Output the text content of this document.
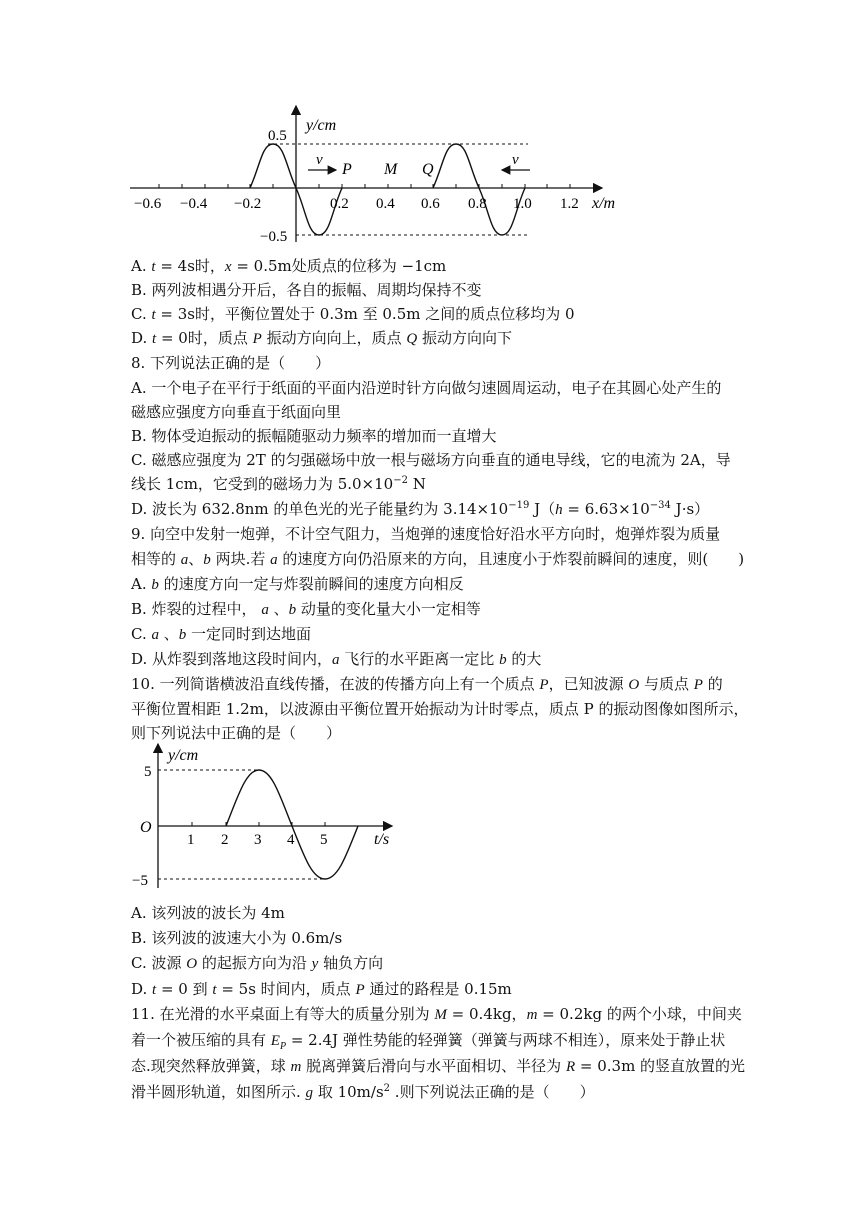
y/cm
x/m
0.5
−0.5
−0.6 −0.4 −0.2	0.2 0.4 0.6 0.8 1.0 1.2
v
P M Q
v
A. t = 4s时，x = 0.5m处质点的位移为 −1cm
B. 两列波相遇分开后，各自的振幅、周期均保持不变
C. t = 3s时，平衡位置处于 0.3m 至 0.5m 之间的质点位移均为 0
D. t = 0时，质点 P 振动方向向上，质点 Q 振动方向向下
8. 下列说法正确的是（　　）
A. 一个电子在平行于纸面的平面内沿逆时针方向做匀速圆周运动，电子在其圆心处产生的
磁感应强度方向垂直于纸面向里
B. 物体受迫振动的振幅随驱动力频率的增加而一直增大
C. 磁感应强度为 2T 的匀强磁场中放一根与磁场方向垂直的通电导线，它的电流为 2A，导
线长 1cm，它受到的磁场力为 $5.0\times 10^{-2}$ N
D. 波长为 632.8nm 的单色光的光子能量约为 $3.14\times 10^{-19}$ $J(h = 6.63\times 10^{-34}$ J·s）
9. 向空中发射一炮弹，不计空气阻力，当炮弹的速度恰好沿水平方向时，炮弹炸裂为质量
相等的 a、b 两块.若 a 的速度方向仍沿原来的方向，且速度小于炸裂前瞬间的速度，则(　　)
A. b 的速度方向一定与炸裂前瞬间的速度方向相反
B. 炸裂的过程中， a 、b 动量的变化量大小一定相等
C. a 、b 一定同时到达地面
D. 从炸裂到落地这段时间内，a 飞行的水平距离一定比 b 的大
10. 一列简谐横波沿直线传播，在波的传播方向上有一个质点 P，已知波源 O 与质点 P 的
平衡位置相距 1.2m，以波源由平衡位置开始振动为计时零点，质点 P 的振动图像如图所示，
则下列说法中正确的是（　　）
y/cm
t/s
O
5
−5
1 2 3 4 5
A. 该列波的波长为 4m
B. 该列波的波速大小为 0.6m/s
C. 波源 O 的起振方向为沿 y 轴负方向
D. t = 0 到 t = 5s 时间内，质点 P 通过的路程是 0.15m
11. 在光滑的水平桌面上有等大的质量分别为 M = 0.4kg，m = 0.2kg 的两个小球，中间夹
着一个被压缩的具有 $E_P = 2.4J$ 弹性势能的轻弹簧（弹簧与两球不相连），原来处于静止状
态.现突然释放弹簧，球 m 脱离弹簧后滑向与水平面相切、半径为 R = 0.3m 的竖直放置的光
滑半圆形轨道，如图所示. g 取 $10m/s^2$ .则下列说法正确的是（　　）
